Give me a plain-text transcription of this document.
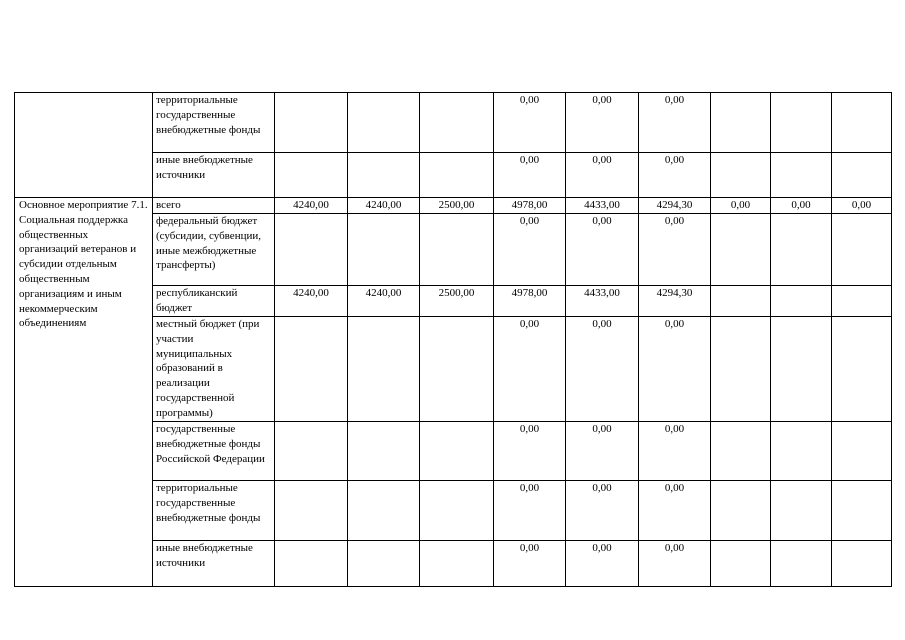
	территориальные государственные внебюджетные фонды				0,00	0,00	0,00			
	иные внебюджетные источники				0,00	0,00	0,00			
Основное мероприятие 7.1. Социальная поддержка общественных организаций ветеранов и субсидии отдельным общественным организациям и иным некоммерческим объединениям	всего	4240,00	4240,00	2500,00	4978,00	4433,00	4294,30	0,00	0,00	0,00
	федеральный бюджет (субсидии, субвенции, иные межбюджетные трансферты)				0,00	0,00	0,00			
	республиканский бюджет	4240,00	4240,00	2500,00	4978,00	4433,00	4294,30			
	местный бюджет (при участии муниципальных образований в реализации государственной программы)				0,00	0,00	0,00			
	государственные внебюджетные фонды Российской Федерации				0,00	0,00	0,00			
	территориальные государственные внебюджетные фонды				0,00	0,00	0,00			
	иные внебюджетные источники				0,00	0,00	0,00			
